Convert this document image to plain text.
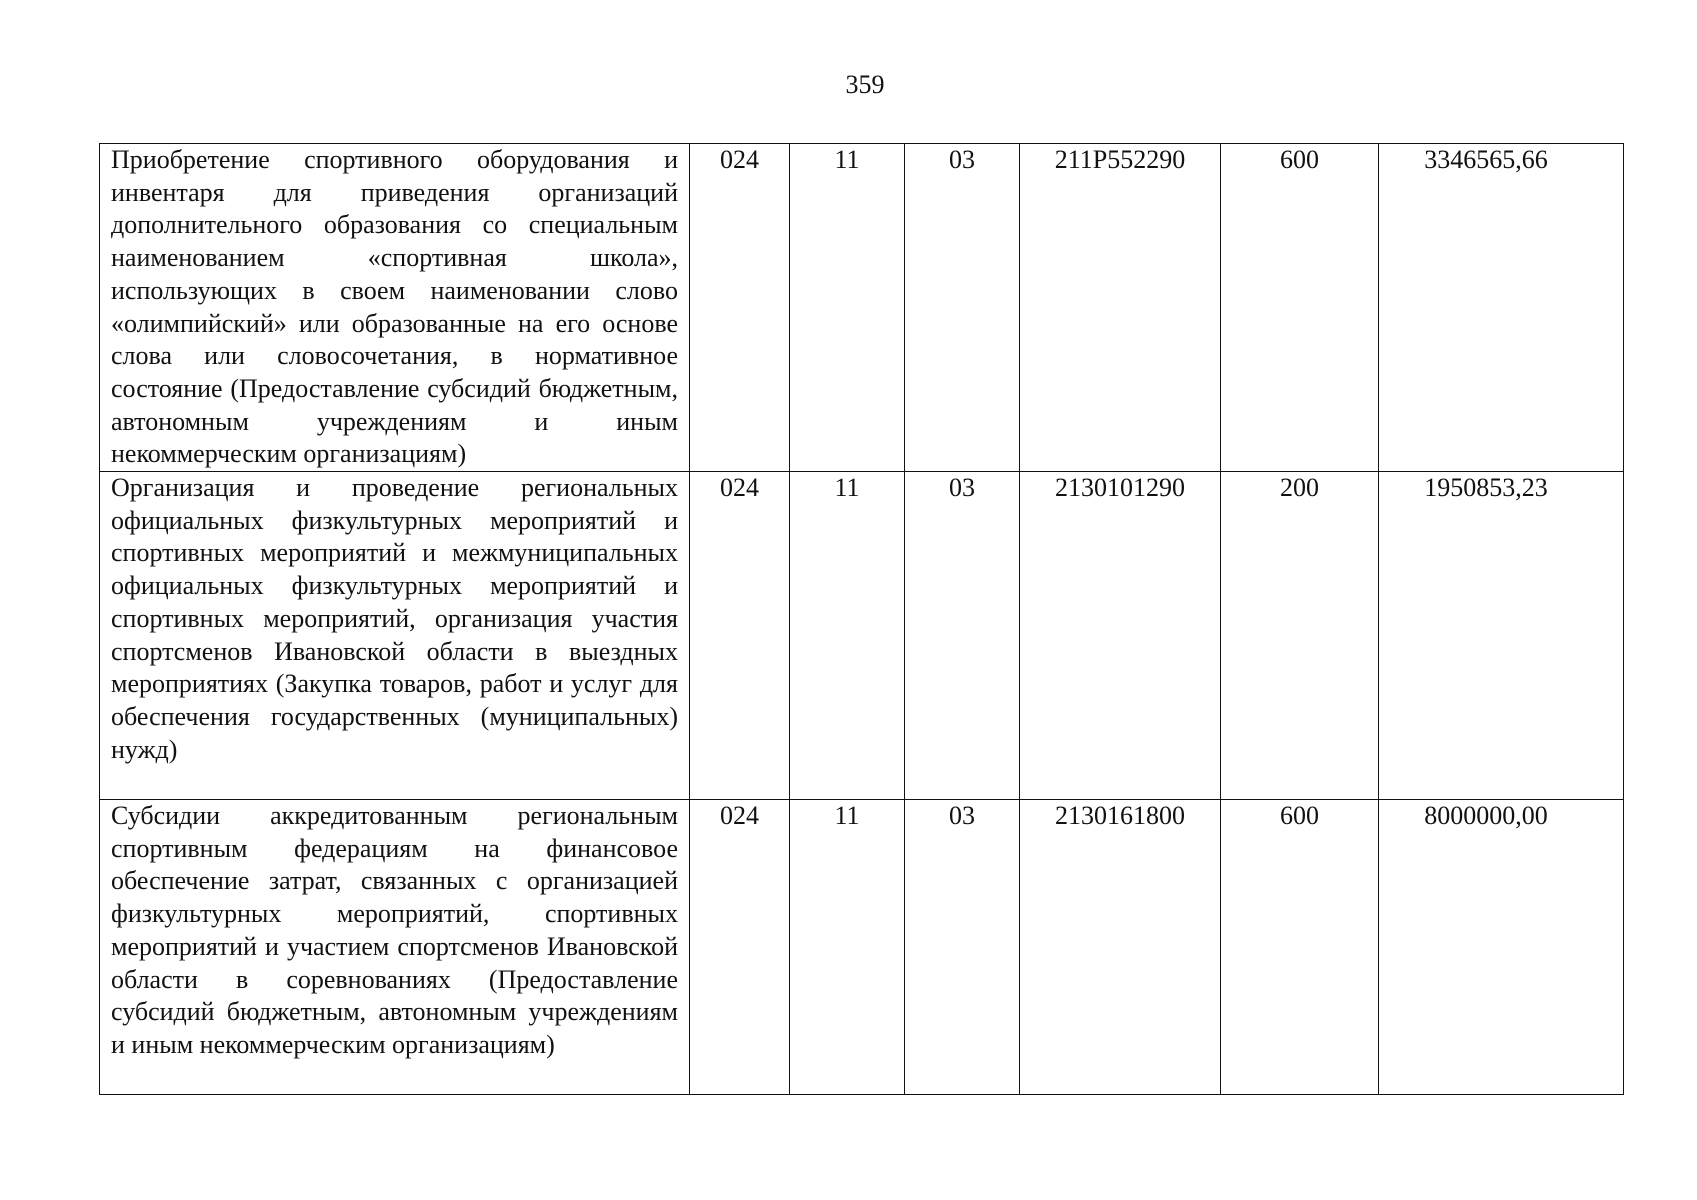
359
Приобретение спортивного оборудования и инвентаря для приведения организаций дополнительного образования со специальным наименованием «спортивная школа», использующих в своем наименовании слово «олимпийский» или образованные на его основе слова или словосочетания, в нормативное состояние (Предоставление субсидий бюджетным, автономным учреждениям и иным некоммерческим организациям)	024	11	03	211P552290	600	3346565,66
Организация и проведение региональных официальных физкультурных мероприятий и спортивных мероприятий и межмуниципальных официальных физкультурных мероприятий и спортивных мероприятий, организация участия спортсменов Ивановской области в выездных мероприятиях (Закупка товаров, работ и услуг для обеспечения государственных (муниципальных) нужд)	024	11	03	2130101290	200	1950853,23
Субсидии аккредитованным региональным спортивным федерациям на финансовое обеспечение затрат, связанных с организацией физкультурных мероприятий, спортивных мероприятий и участием спортсменов Ивановской области в соревнованиях (Предоставление субсидий бюджетным, автономным учреждениям и иным некоммерческим организациям)	024	11	03	2130161800	600	8000000,00
